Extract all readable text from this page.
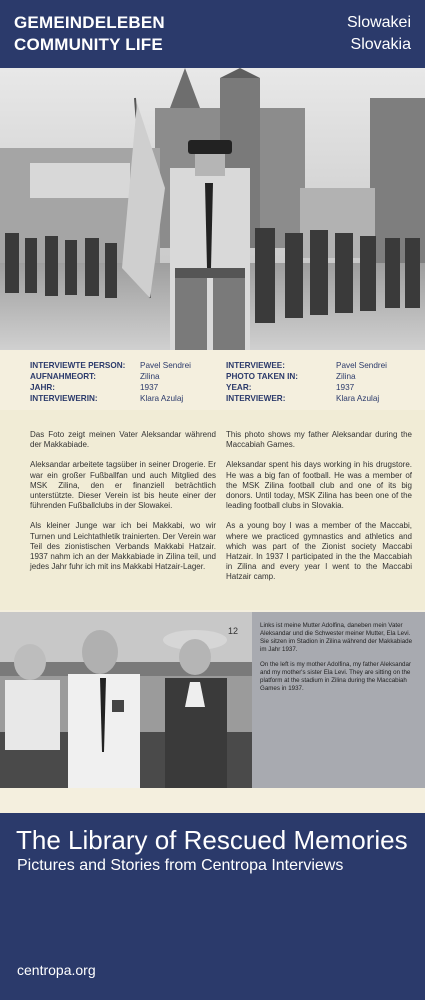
GEMEINDELEBEN
COMMUNITY LIFE
Slowakei
Slovakia
INTERVIEWTE PERSON: Pavel Sendrei
AUFNAHMEORT:	Zilina
JAHR:	1937
INTERVIEWERIN:	Klara Azulaj
INTERVIEWEE:	Pavel Sendrei
PHOTO TAKEN IN:	Zilina
YEAR:	1937
INTERVIEWER:	Klara Azulaj

Das Foto zeigt meinen Vater Aleksandar während der Makkabiade.

Aleksandar arbeitete tagsüber in seiner Drogerie. Er war ein großer Fußballfan und auch Mitglied des MSK Zilina, den er finanziell beträchtlich unterstützte. Dieser Verein ist bis heute einer der führenden Fußballclubs in der Slowakei.

Als kleiner Junge war ich bei Makkabi, wo wir Turnen und Leichtathletik trainierten. Der Verein war Teil des zionistischen Verbands Makkabi Hatzair. 1937 nahm ich an der Makkabiade in Zilina teil, und jedes Jahr fuhr ich mit ins Makkabi Hatzair-Lager.

This photo shows my father Aleksandar during the Maccabiah Games.

Aleksandar spent his days working in his drugstore. He was a big fan of football. He was a member of the MSK Zilina football club and one of its big donors. Until today, MSK Zilina has been one of the leading football clubs in Slovakia.

As a young boy I was a member of the Maccabi, where we practiced gymnastics and athletics and which was part of the Zionist society Maccabi Hatzair. In 1937 I participated in the the Maccabiah in Zilina and every year I went to the Maccabi Hatzair camp.

12

Links ist meine Mutter Adolfina, daneben mein Vater Aleksandar und die Schwester meiner Mutter, Ela Levi. Sie sitzen im Stadion in Zilina während der Makkabiade im Jahr 1937.

On the left is my mother Adolfina, my father Aleksandar and my mother's sister Ela Levi. They are sitting on the platform at the stadium in Zilina during the Maccabiah Games in 1937.

The Library of Rescued Memories
Pictures and Stories from Centropa Interviews
centropa.org
